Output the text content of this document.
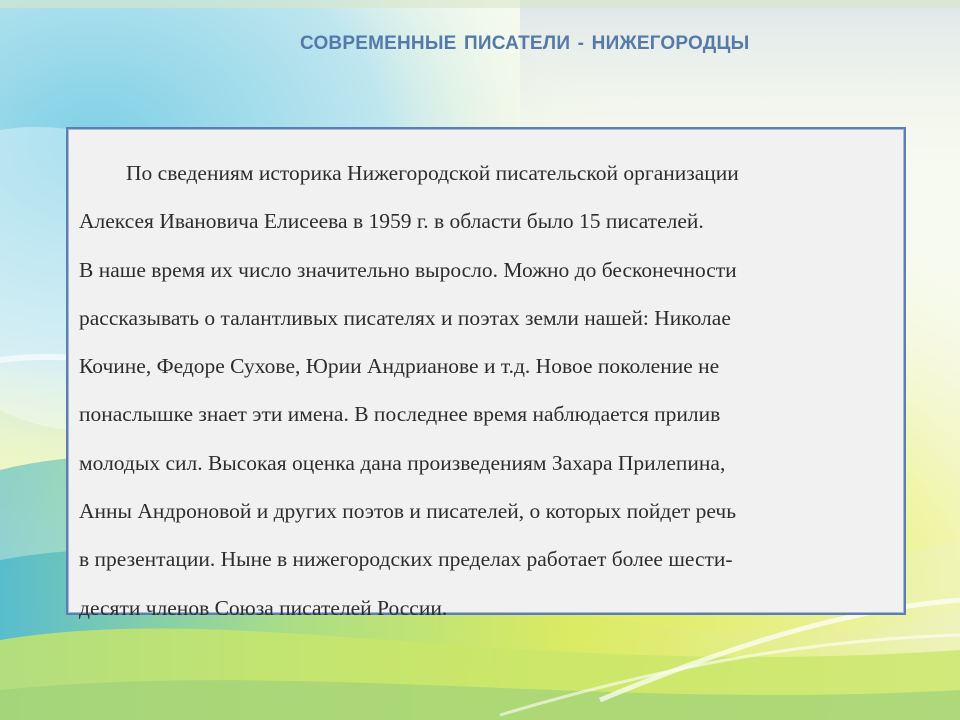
СОВРЕМЕННЫЕ ПИСАТЕЛИ - НИЖЕГОРОДЦЫ

По сведениям историка Нижегородской писательской организации
Алексея Ивановича Елисеева в 1959 г. в области было 15 писателей.
В наше время их число значительно выросло. Можно до бесконечности
рассказывать о талантливых писателях и поэтах земли нашей: Николае
Кочине, Федоре Сухове, Юрии Андрианове и т.д. Новое поколение не
понаслышке знает эти имена. В последнее время наблюдается прилив
молодых сил. Высокая оценка дана произведениям Захара Прилепина,
Анны Андроновой и других поэтов и писателей, о которых пойдет речь
в презентации. Ныне в нижегородских пределах работает более шести-
десяти членов Союза писателей России.
